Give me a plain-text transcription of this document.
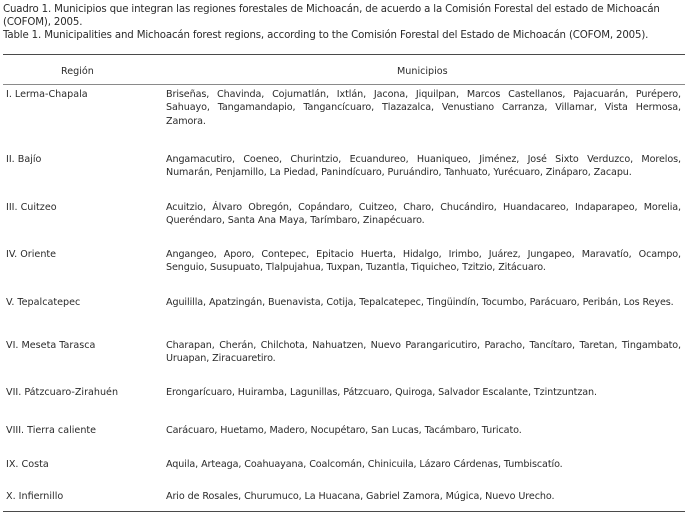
Cuadro 1. Municipios que integran las regiones forestales de Michoacán, de acuerdo a la Comisión Forestal del estado de Michoacán (COFOM), 2005.

Table 1. Municipalities and Michoacán forest regions, according to the Comisión Forestal del Estado de Michoacán (COFOM, 2005).

Región	Municipios
I. Lerma-Chapala	Briseñas, Chavinda, Cojumatlán, Ixtlán, Jacona, Jiquilpan, Marcos Castellanos, Pajacuarán, Purépero, Sahuayo, Tangamandapio, Tangancícuaro, Tlazazalca, Venustiano Carranza, Villamar, Vista Hermosa, Zamora.
II. Bajío	Angamacutiro, Coeneo, Churintzio, Ecuandureo, Huaniqueo, Jiménez, José Sixto Verduzco, Morelos, Numarán, Penjamillo, La Piedad, Panindícuaro, Puruándiro, Tanhuato, Yurécuaro, Zináparo, Zacapu.
III. Cuitzeo	Acuitzio, Álvaro Obregón, Copándaro, Cuitzeo, Charo, Chucándiro, Huandacareo, Indaparapeo, Morelia, Queréndaro, Santa Ana Maya, Tarímbaro, Zinapécuaro.
IV. Oriente	Angangeo, Aporo, Contepec, Epitacio Huerta, Hidalgo, Irimbo, Juárez, Jungapeo, Maravatío, Ocampo, Senguio, Susupuato, Tlalpujahua, Tuxpan, Tuzantla, Tiquicheo, Tzitzio, Zitácuaro.
V. Tepalcatepec	Aguililla, Apatzingán, Buenavista, Cotija, Tepalcatepec, Tingüindín, Tocumbo, Parácuaro, Peribán, Los Reyes.
VI. Meseta Tarasca	Charapan, Cherán, Chilchota, Nahuatzen, Nuevo Parangaricutiro, Paracho, Tancítaro, Taretan, Tingambato, Uruapan, Ziracuaretiro.
VII. Pátzcuaro-Zirahuén	Erongarícuaro, Huiramba, Lagunillas, Pátzcuaro, Quiroga, Salvador Escalante, Tzintzuntzan.
VIII. Tierra caliente	Carácuaro, Huetamo, Madero, Nocupétaro, San Lucas, Tacámbaro, Turicato.
IX. Costa	Aquila, Arteaga, Coahuayana, Coalcomán, Chinicuila, Lázaro Cárdenas, Tumbiscatío.
X. Infiernillo	Ario de Rosales, Churumuco, La Huacana, Gabriel Zamora, Múgica, Nuevo Urecho.
